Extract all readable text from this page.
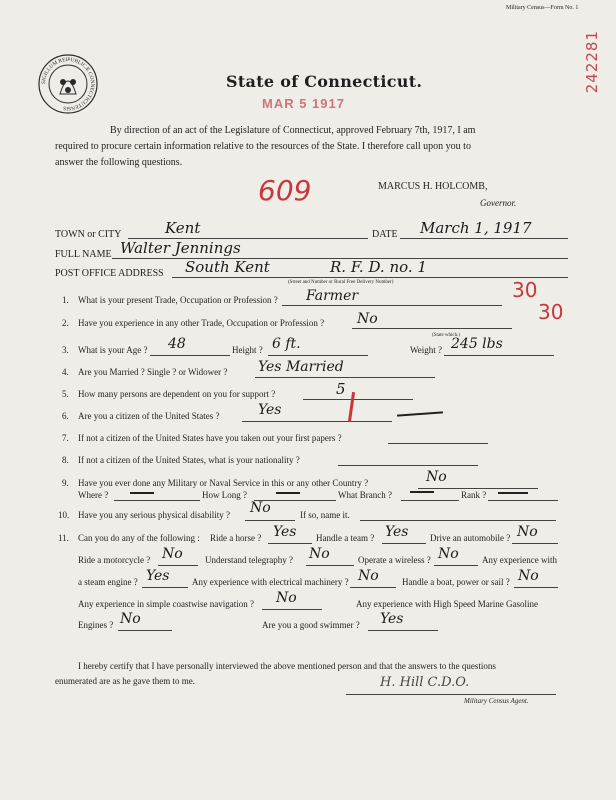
Military Census—Form No. 1
242281
SIGILLUM REIPUBLICÆ CONNECTICUTENSIS
State of Connecticut.
MAR 5 1917
By direction of an act of the Legislature of Connecticut, approved February 7th, 1917, I am
required to procure certain information relative to the resources of the State. I therefore call upon you to
answer the following questions.
609	MARCUS H. HOLCOMB,
Governor.
TOWN or CITY	Kent	DATE March 1, 1917
FULL NAME Walter Jennings
POST OFFICE ADDRESS South Kent	R. F. D. no. 1
(Street and Number or Rural Free Delivery Number)	30
30
1. What is your present Trade, Occupation or Profession ? Farmer
2. Have you experience in any other Trade, Occupation or Profession ? No
(State which.)
3. What is your Age ? 48	Height ? 6 ft.	Weight ? 245 lbs
4. Are you Married ? Single ? or Widower ? Yes Married
5. How many persons are dependent on you for support ?	5
6. Are you a citizen of the United States ?	Yes
7. If not a citizen of the United States have you taken out your first papers ?
8. If not a citizen of the United States, what is your nationality ?
9. Have you ever done any Military or Naval Service in this or any other Country ?	No
Where ?	How Long ?	What Branch ?	Rank ?
10. Have you any serious physical disability ? No	If so, name it.
11. Can you do any of the following : Ride a horse ? Yes Handle a team ? Yes Drive an automobile ? No
Ride a motorcycle ? No Understand telegraphy ? No	Operate a wireless ? No	Any experience with
a steam engine ? Yes	Any experience with electrical machinery ? No	Handle a boat, power or sail ? No
Any experience in simple coastwise navigation ? No	Any experience with High Speed Marine Gasoline
Engines ? No	Are you a good swimmer ? Yes
I hereby certify that I have personally interviewed the above mentioned person and that the answers to the questions
enumerated are as he gave them to me.	H. Hill C.D.O.
Military Census Agent.
